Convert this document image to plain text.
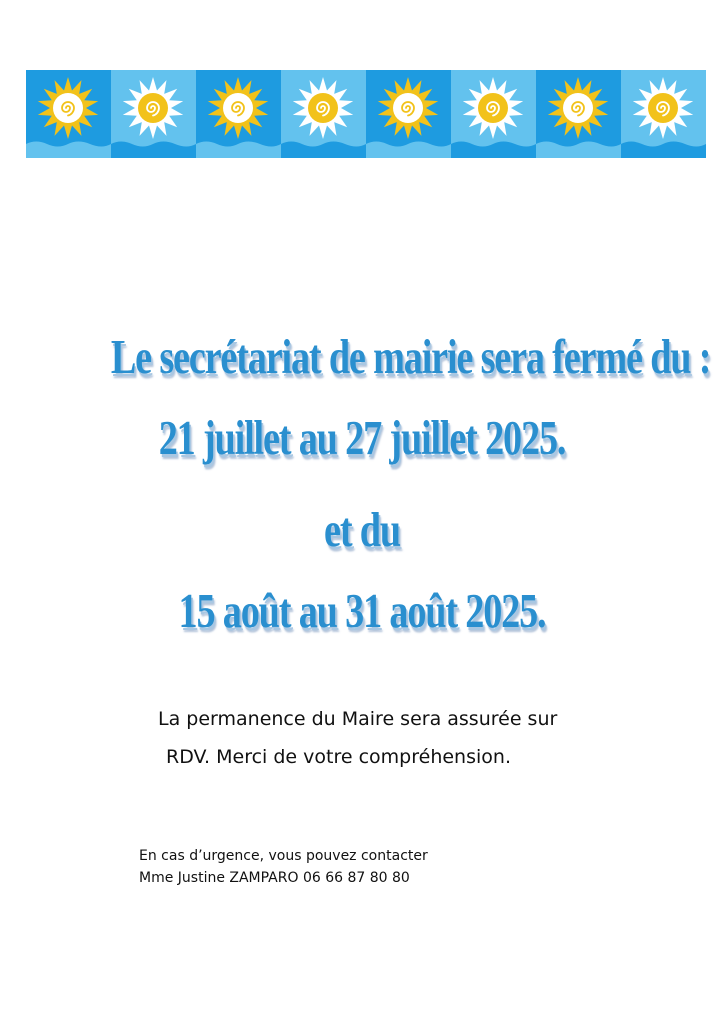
Le secrétariat de mairie sera fermé du :
21 juillet au 27 juillet 2025.
et du
15 août au 31 août 2025.
La permanence du Maire sera assurée sur
RDV. Merci de votre compréhension.
En cas d’urgence, vous pouvez contacter
Mme Justine ZAMPARO 06 66 87 80 80
